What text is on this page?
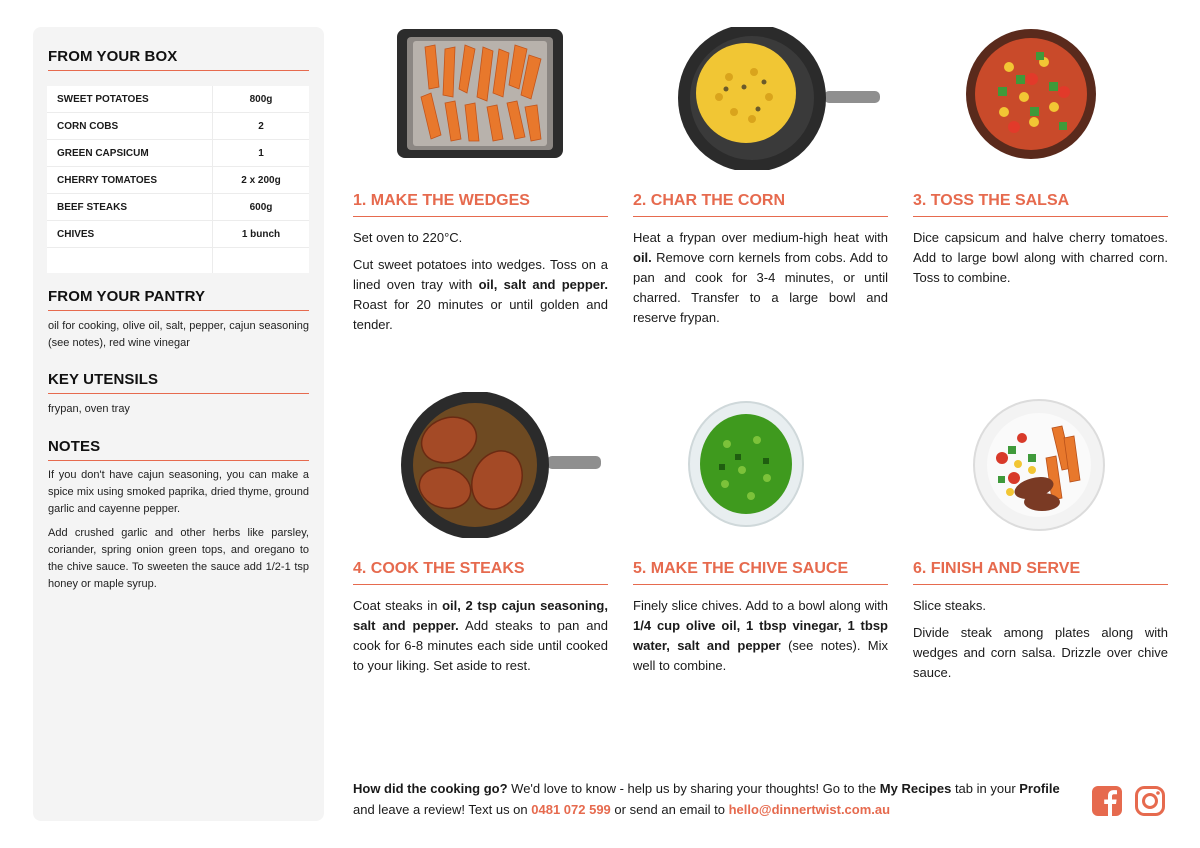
FROM YOUR BOX
SWEET POTATOES	800g
CORN COBS	2
GREEN CAPSICUM	1
CHERRY TOMATOES	2 x 200g
BEEF STEAKS	600g
CHIVES	1 bunch

FROM YOUR PANTRY

oil for cooking, olive oil, salt, pepper, cajun seasoning (see notes), red wine vinegar

KEY UTENSILS

frypan, oven tray

NOTES

If you don't have cajun seasoning, you can make a spice mix using smoked paprika, dried thyme, ground garlic and cayenne pepper.

Add crushed garlic and other herbs like parsley, coriander, spring onion green tops, and oregano to the chive sauce. To sweeten the sauce add 1/2-1 tsp honey or maple syrup.

1. MAKE THE WEDGES	2. CHAR THE CORN	3. TOSS THE SALSA
4. COOK THE STEAKS	5. MAKE THE CHIVE SAUCE	6. FINISH AND SERVE

Set oven to 220°C.

Cut sweet potatoes into wedges. Toss on a lined oven tray with oil, salt and pepper. Roast for 20 minutes or until golden and tender.

Heat a frypan over medium-high heat with oil. Remove corn kernels from cobs. Add to pan and cook for 3-4 minutes, or until charred. Transfer to a large bowl and reserve frypan.

Dice capsicum and halve cherry tomatoes. Add to large bowl along with charred corn. Toss to combine.

Coat steaks in oil, 2 tsp cajun seasoning, salt and pepper. Add steaks to pan and cook for 6-8 minutes each side until cooked to your liking. Set aside to rest.

Finely slice chives. Add to a bowl along with 1/4 cup olive oil, 1 tbsp vinegar, 1 tbsp water, salt and pepper (see notes). Mix well to combine.

Slice steaks.

Divide steak among plates along with wedges and corn salsa. Drizzle over chive sauce.

How did the cooking go? We'd love to know - help us by sharing your thoughts! Go to the My Recipes tab in your Profile and leave a review! Text us on 0481 072 599 or send an email to hello@dinnertwist.com.au
